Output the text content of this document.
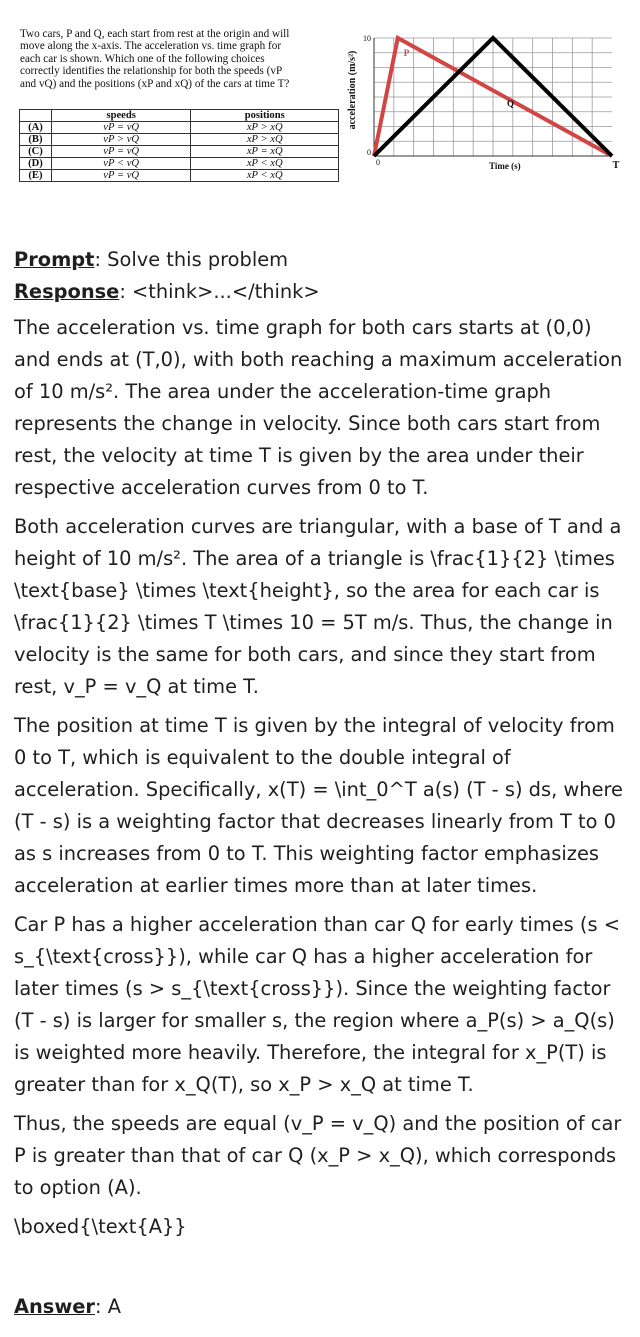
Two cars, P and Q, each start from rest at the origin and will
move along the x-axis. The acceleration vs. time graph for
each car is shown. Which one of the following choices
correctly identifies the relationship for both the speeds (vP
and vQ) and the positions (xP and xQ) of the cars at time T?
	speeds	positions
(A)	vP = vQ	xP > xQ
(B)	vP > vQ	xP > xQ
(C)	vP = vQ	xP = xQ
(D)	vP < vQ	xP < xQ
(E)	vP = vQ	xP < xQ
P
Q
acceleration (m/s²)
10
0
0	T
Time (s)
Prompt: Solve this problem
Response: <think>...</think>

The acceleration vs. time graph for both cars starts at (0,0) and ends at (T,0), with both reaching a maximum acceleration of 10 m/s². The area under the acceleration-time graph represents the change in velocity. Since both cars start from rest, the velocity at time T is given by the area under their respective acceleration curves from 0 to T.

Both acceleration curves are triangular, with a base of T and a height of 10 m/s². The area of a triangle is \frac{1}{2} \times \text{base} \times \text{height}, so the area for each car is \frac{1}{2} \times T \times 10 = 5T m/s. Thus, the change in velocity is the same for both cars, and since they start from rest, v_P = v_Q at time T.

The position at time T is given by the integral of velocity from 0 to T, which is equivalent to the double integral of acceleration. Specifically, x(T) = \int_0^T a(s) (T - s) ds, where (T - s) is a weighting factor that decreases linearly from T to 0 as s increases from 0 to T. This weighting factor emphasizes acceleration at earlier times more than at later times.

Car P has a higher acceleration than car Q for early times (s < s_{\text{cross}}), while car Q has a higher acceleration for later times (s > s_{\text{cross}}). Since the weighting factor (T - s) is larger for smaller s, the region where a_P(s) > a_Q(s) is weighted more heavily. Therefore, the integral for x_P(T) is greater than for x_Q(T), so x_P > x_Q at time T.

Thus, the speeds are equal (v_P = v_Q) and the position of car P is greater than that of car Q (x_P > x_Q), which corresponds to option (A).

\boxed{\text{A}}

Answer: A
